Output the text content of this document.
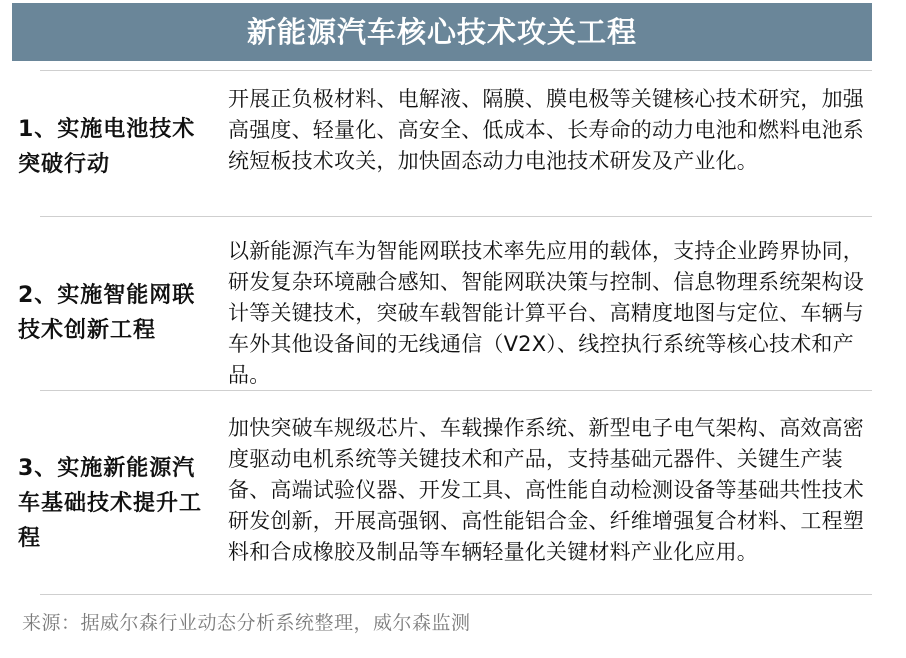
新能源汽车核心技术攻关工程
1、实施电池技术突破行动
开展正负极材料、电解液、隔膜、膜电极等关键核心技术研究，加强高强度、轻量化、高安全、低成本、长寿命的动力电池和燃料电池系统短板技术攻关，加快固态动力电池技术研发及产业化。
2、实施智能网联技术创新工程
以新能源汽车为智能网联技术率先应用的载体，支持企业跨界协同，研发复杂环境融合感知、智能网联决策与控制、信息物理系统架构设计等关键技术，突破车载智能计算平台、高精度地图与定位、车辆与车外其他设备间的无线通信（V2X）、线控执行系统等核心技术和产品。
3、实施新能源汽车基础技术提升工程
加快突破车规级芯片、车载操作系统、新型电子电气架构、高效高密度驱动电机系统等关键技术和产品，支持基础元器件、关键生产装备、高端试验仪器、开发工具、高性能自动检测设备等基础共性技术研发创新，开展高强钢、高性能铝合金、纤维增强复合材料、工程塑料和合成橡胶及制品等车辆轻量化关键材料产业化应用。
来源：据威尔森行业动态分析系统整理，威尔森监测
